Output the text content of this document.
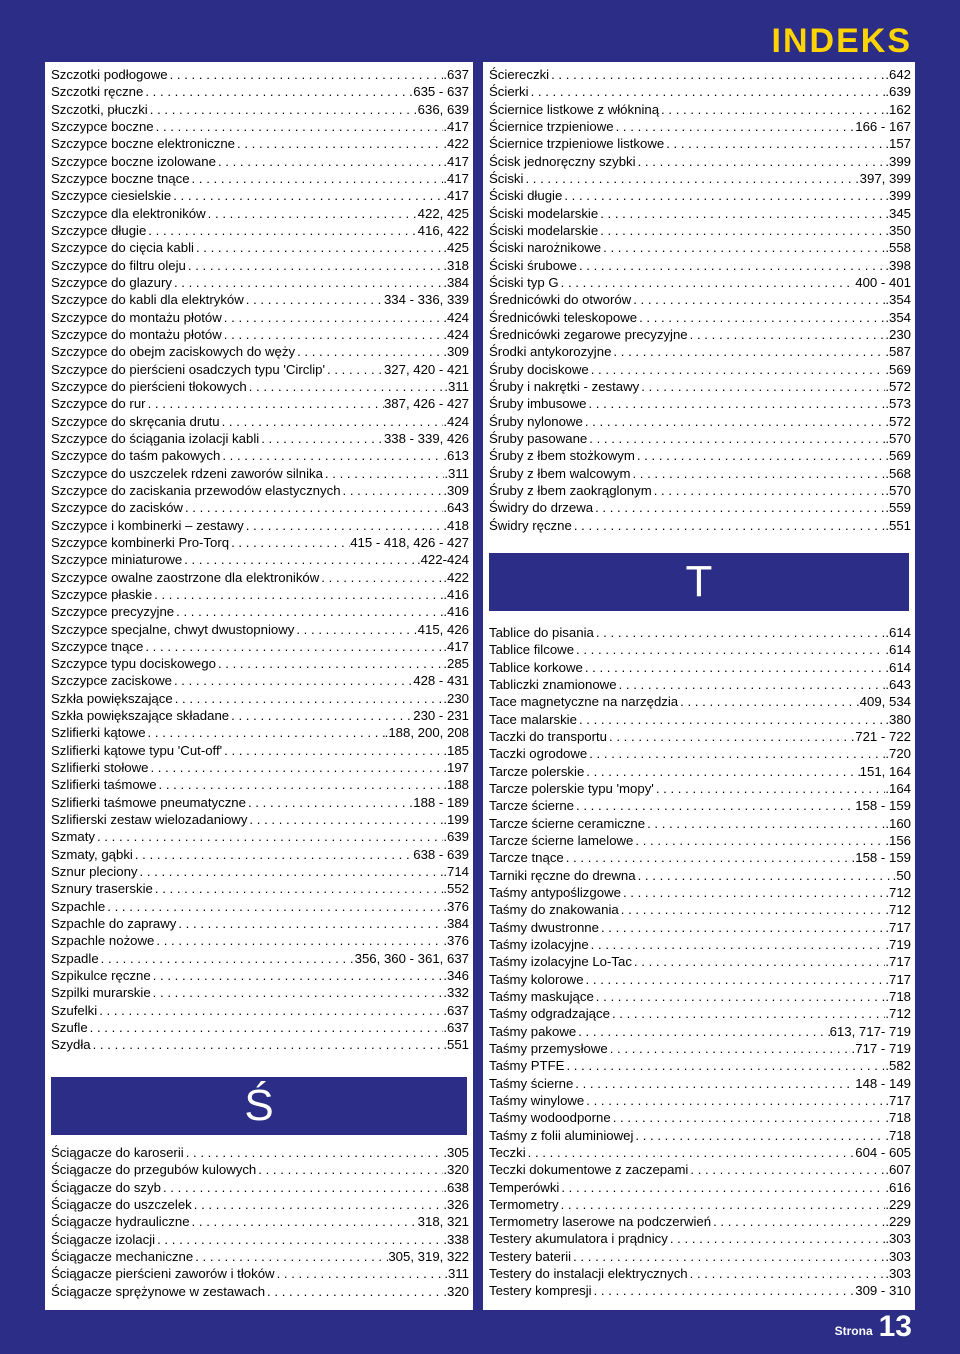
INDEKS
Szczotki podłogowe . . .	.637
Szczotki ręczne . . .	635 - 637
Szczotki, płuczki . . .	636, 639
Szczypce boczne . . .	.417
Szczypce boczne elektroniczne . . .	.422
Szczypce boczne izolowane . . .	.417
Szczypce boczne tnące . . .	.417
Szczypce ciesielskie . . .	.417
Szczypce dla elektroników . . .	422, 425
Szczypce długie . . .	416, 422
Szczypce do cięcia kabli . . .	.425
Szczypce do filtru oleju . . .	.318
Szczypce do glazury . . .	.384
Szczypce do kabli dla elektryków . . .	334 - 336, 339
Szczypce do montażu płotów . . .	.424
Szczypce do montażu płotów . . .	.424
Szczypce do obejm zaciskowych do węży . . .	.309
Szczypce do pierścieni osadczych typu 'Circlip' . . .	327, 420 - 421
Szczypce do pierścieni tłokowych . . .	.311
Szczypce do rur . . .	387, 426 - 427
Szczypce do skręcania drutu . . .	.424
Szczypce do ściągania izolacji kabli . . .	338 - 339, 426
Szczypce do taśm pakowych . . .	.613
Szczypce do uszczelek rdzeni zaworów silnika . . .	.311
Szczypce do zaciskania przewodów elastycznych . . .	.309
Szczypce do zacisków . . .	.643
Szczypce i kombinerki – zestawy . . .	.418
Szczypce kombinerki Pro-Torq . . .	415 - 418, 426 - 427
Szczypce miniaturowe . . .	.422-424
Szczypce owalne zaostrzone dla elektroników . . .	.422
Szczypce płaskie . . .	.416
Szczypce precyzyjne . . .	.416
Szczypce specjalne, chwyt dwustopniowy . . .	415, 426
Szczypce tnące . . .	.417
Szczypce typu dociskowego . . .	.285
Szczypce zaciskowe . . .	428 - 431
Szkła powiększające . . .	.230
Szkła powiększające składane . . .	230 - 231
Szlifierki kątowe . . .	.188, 200, 208
Szlifierki kątowe typu 'Cut-off' . . .	.185
Szlifierki stołowe . . .	.197
Szlifierki taśmowe . . .	.188
Szlifierki taśmowe pneumatyczne . . .	188 - 189
Szlifierski zestaw wielozadaniowy . . .	.199
Szmaty . . .	.639
Szmaty, gąbki . . .	638 - 639
Sznur pleciony . . .	.714
Sznury traserskie . . .	.552
Szpachle . . .	.376
Szpachle do zaprawy . . .	.384
Szpachle nożowe . . .	.376
Szpadle . . .	356, 360 - 361, 637
Szpikulce ręczne . . .	.346
Szpilki murarskie . . .	.332
Szufelki . . .	.637
Szufle . . .	.637
Szydła . . .	.551
Ś
Ściągacze do karoserii . . .	.305
Ściągacze do przegubów kulowych . . .	.320
Ściągacze do szyb . . .	.638
Ściągacze do uszczelek . . .	.326
Ściągacze hydrauliczne . . .	318, 321
Ściągacze izolacji . . .	.338
Ściągacze mechaniczne . . .	305, 319, 322
Ściągacze pierścieni zaworów i tłoków . . .	.311
Ściągacze sprężynowe w zestawach . . .	.320
Ściereczki . . .	.642
Ścierki . . .	.639
Ściernice listkowe z włókniną . . .	.162
Ściernice trzpieniowe . . .	166 - 167
Ściernice trzpieniowe listkowe . . .	.157
Ścisk jednoręczny szybki . . .	.399
Ściski . . .	397, 399
Ściski długie . . .	.399
Ściski modelarskie . . .	.345
Ściski modelarskie . . .	.350
Ściski narożnikowe . . .	.558
Ściski śrubowe . . .	.398
Ściski typ G . . .	400 - 401
Średnicówki do otworów . . .	.354
Średnicówki teleskopowe . . .	.354
Średnicówki zegarowe precyzyjne . . .	.230
Środki antykorozyjne . . .	.587
Śruby dociskowe . . .	.569
Śruby i nakrętki - zestawy . . .	.572
Śruby imbusowe . . .	.573
Śruby nylonowe . . .	.572
Śruby pasowane . . .	.570
Śruby z łbem stożkowym . . .	.569
Śruby z łbem walcowym . . .	.568
Śruby z łbem zaokrąglonym . . .	.570
Świdry do drzewa . . .	.559
Świdry ręczne . . .	.551
T
Tablice do pisania . . .	.614
Tablice filcowe . . .	.614
Tablice korkowe . . .	.614
Tabliczki znamionowe . . .	.643
Tace magnetyczne na narzędzia . . .	409, 534
Tace malarskie . . .	.380
Taczki do transportu . . .	721 - 722
Taczki ogrodowe . . .	.720
Tarcze polerskie . . .	151, 164
Tarcze polerskie typu 'mopy' . . .	.164
Tarcze ścierne . . .	158 - 159
Tarcze ścierne ceramiczne . . .	.160
Tarcze ścierne lamelowe . . .	.156
Tarcze tnące . . .	158 - 159
Tarniki ręczne do drewna . . .	.50
Taśmy antypoślizgowe . . .	.712
Taśmy do znakowania . . .	.712
Taśmy dwustronne . . .	.717
Taśmy izolacyjne . . .	.719
Taśmy izolacyjne Lo-Tac . . .	.717
Taśmy kolorowe . . .	.717
Taśmy maskujące . . .	.718
Taśmy odgradzające . . .	.712
Taśmy pakowe . . .	613, 717- 719
Taśmy przemysłowe . . .	717 - 719
Taśmy PTFE . . .	.582
Taśmy ścierne . . .	148 - 149
Taśmy winylowe . . .	.717
Taśmy wodoodporne . . .	.718
Taśmy z folii aluminiowej . . .	.718
Teczki . . .	604 - 605
Teczki dokumentowe z zaczepami . . .	.607
Temperówki . . .	.616
Termometry . . .	.229
Termometry laserowe na podczerwień . . .	.229
Testery akumulatora i prądnicy . . .	.303
Testery baterii . . .	.303
Testery do instalacji elektrycznych . . .	.303
Testery kompresji . . .	309 - 310
Strona 13
